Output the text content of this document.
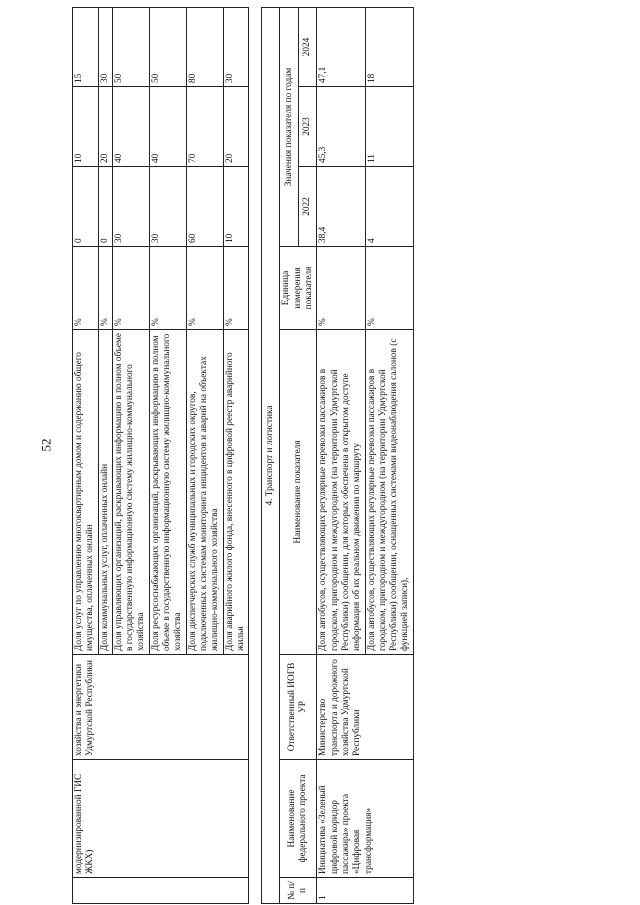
52
	модернизированной ГИС ЖКХ)	хозяйства и энергетики Удмуртской Республики	Доля услуг по управлению многоквартирным домом и содержанию общего имущества, оплаченных онлайн	%	0	10	15
			Доля коммунальных услуг, оплаченных онлайн	%	0	20	30
			Доля управляющих организаций, раскрывающих информацию в полном объеме в государственную информационную систему жилищно-коммунального хозяйства	%	30	40	50
			Доля ресурсоснабжающих организаций, раскрывающих информацию в полном объеме в государственную информационную систему жилищно-коммунального хозяйства	%	30	40	50
			Доля диспетчерских служб муниципальных и городских округов, подключенных к системам мониторинга инцидентов и аварий на объектах жилищно-коммунального хозяйства	%	60	70	80
			Доля аварийного жилого фонда, внесенного в цифровой реестр аварийного жилья	%	10	20	30

4. Транспорт и логистика							
№ п/п	Наименование федерального проекта	Ответственный ИОГВ УР	Наименование показателя	Единица измерения показателя	Значения показателя по годам		
					2022	2023	2024
1	Инициатива «Зеленый цифровой коридор пассажира» проекта «Цифровая трансформация»	Министерство транспорта и дорожного хозяйства Удмуртской Республики	Доля автобусов, осуществляющих регулярные перевозки пассажиров в городском, пригородном и междугородном (на территории Удмуртской Республики) сообщении, для которых обеспечена в открытом доступе информация об их реальном движении по маршруту	%	38,4	45,3	47,1
			Доля автобусов, осуществляющих регулярные перевозки пассажиров в городском, пригородном и междугородном (на территории Удмуртской Республики) сообщении, оснащенных системами видеонаблюдения салонов (с функцией записи),	%	4	11	18
